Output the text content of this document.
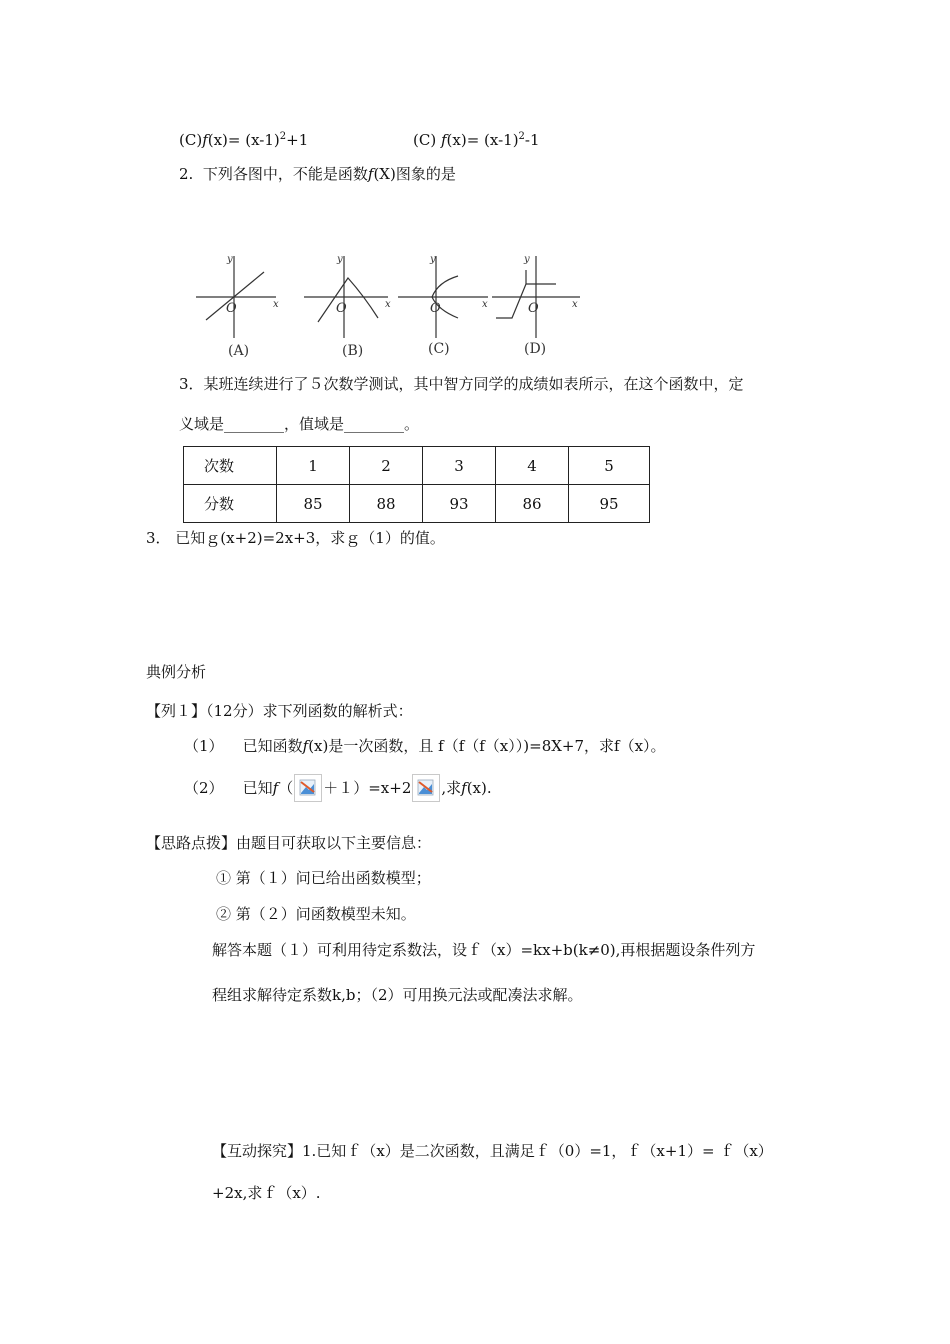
$(C)f(x)= (x-1)^2+1$	(C) $f(x)= (x-1)^2-1$
2. 下列各图中，不能是函数f(X)图象的是
y
x
O
(A)
y
x
O
(B)
y
x
O
(C)
y
x
O
(D)
3．某班连续进行了５次数学测试，其中智方同学的成绩如表所示，在这个函数中，定
义域是________，值域是________。
次数	1	2	3	4	5
分数	85	88	93	86	95
3． 已知ｇ(x+2)=2x+3，求ｇ（1）的值。
典例分析
【列１】（12分）求下列函数的解析式：
（1） 已知函数f(x)是一次函数，且 f（f（f（x））)=8X+7，求f（x）。
（2） 已知f（ ＋１）=x+2 ,求f(x).
【思路点拨】由题目可获取以下主要信息：
① 第（１）问已给出函数模型；
② 第（２）问函数模型未知。
解答本题（１）可利用待定系数法，设ｆ（x）=kx+b(k≠0),再根据题设条件列方
程组求解待定系数k,b；（2）可用换元法或配凑法求解。
【互动探究】1.已知ｆ（x）是二次函数，且满足ｆ（0）=1，ｆ（x+1）= ｆ（x）
+2x,求ｆ（x）.
